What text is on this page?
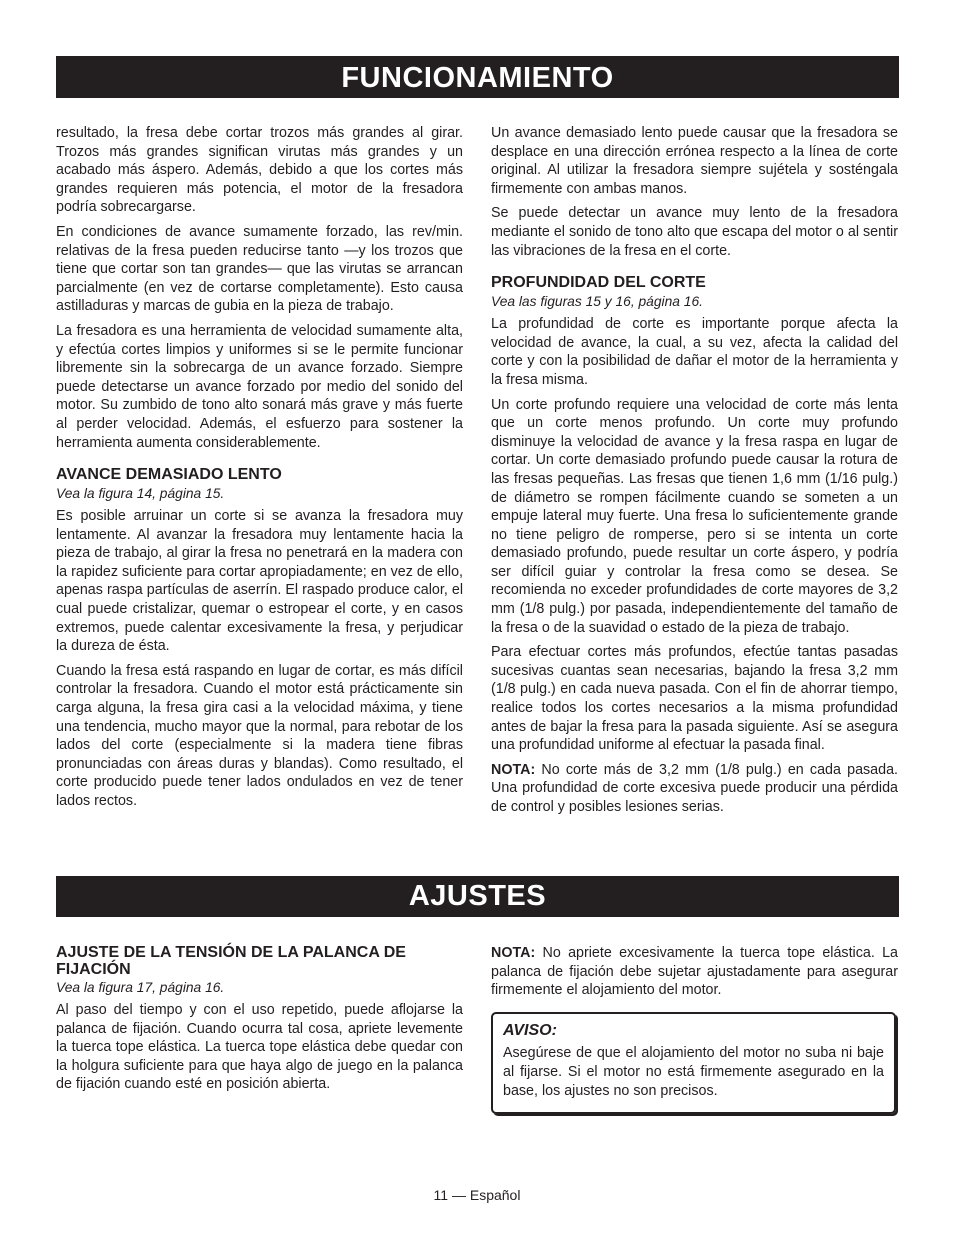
FUNCIONAMIENTO

resultado, la fresa debe cortar trozos más grandes al girar. Trozos más grandes significan virutas más grandes y un acabado más áspero. Además, debido a que los cortes más grandes requieren más potencia, el motor de la fresadora podría sobrecargarse.

En condiciones de avance sumamente forzado, las rev/min. relativas de la fresa pueden reducirse tanto —y los trozos que tiene que cortar son tan grandes— que las virutas se arrancan parcialmente (en vez de cortarse completamente). Esto causa astilladuras y marcas de gubia en la pieza de trabajo.

La fresadora es una herramienta de velocidad sumamente alta, y efectúa cortes limpios y uniformes si se le permite funcionar libremente sin la sobrecarga de un avance forzado. Siempre puede detectarse un avance forzado por medio del sonido del motor. Su zumbido de tono alto sonará más grave y más fuerte al perder velocidad. Además, el esfuerzo para sostener la herramienta aumenta considerablemente.

AVANCE DEMASIADO LENTO
Vea la figura 14, página 15.

Es posible arruinar un corte si se avanza la fresadora muy lentamente. Al avanzar la fresadora muy lentamente hacia la pieza de trabajo, al girar la fresa no penetrará en la madera con la rapidez suficiente para cortar apropiadamente; en vez de ello, apenas raspa partículas de aserrín. El raspado produce calor, el cual puede cristalizar, quemar o estropear el corte, y en casos extremos, puede calentar excesivamente la fresa, y perjudicar la dureza de ésta.

Cuando la fresa está raspando en lugar de cortar, es más difícil controlar la fresadora. Cuando el motor está prácticamente sin carga alguna, la fresa gira casi a la velocidad máxima, y tiene una tendencia, mucho mayor que la normal, para rebotar de los lados del corte (especialmente si la madera tiene fibras pronunciadas con áreas duras y blandas). Como resultado, el corte producido puede tener lados ondulados en vez de tener lados rectos.

Un avance demasiado lento puede causar que la fresadora se desplace en una dirección errónea respecto a la línea de corte original. Al utilizar la fresadora siempre sujétela y sosténgala firmemente con ambas manos.

Se puede detectar un avance muy lento de la fresadora mediante el sonido de tono alto que escapa del motor o al sentir las vibraciones de la fresa en el corte.

PROFUNDIDAD DEL CORTE
Vea las figuras 15 y 16, página 16.

La profundidad de corte es importante porque afecta la velocidad de avance, la cual, a su vez, afecta la calidad del corte y con la posibilidad de dañar el motor de la herramienta y la fresa misma.

Un corte profundo requiere una velocidad de corte más lenta que un corte menos profundo. Un corte muy profundo disminuye la velocidad de avance y la fresa raspa en lugar de cortar. Un corte demasiado profundo puede causar la rotura de las fresas pequeñas. Las fresas que tienen 1,6 mm (1/16 pulg.) de diámetro se rompen fácilmente cuando se someten a un empuje lateral muy fuerte. Una fresa lo suficientemente grande no tiene peligro de romperse, pero si se intenta un corte demasiado profundo, puede resultar un corte áspero, y podría ser difícil guiar y controlar la fresa como se desea. Se recomienda no exceder profundidades de corte mayores de 3,2 mm (1/8 pulg.) por pasada, independientemente del tamaño de la fresa o de la suavidad o estado de la pieza de trabajo.

Para efectuar cortes más profundos, efectúe tantas pasadas sucesivas cuantas sean necesarias, bajando la fresa 3,2 mm (1/8 pulg.) en cada nueva pasada. Con el fin de ahorrar tiempo, realice todos los cortes necesarios a la misma profundidad antes de bajar la fresa para la pasada siguiente. Así se asegura una profundidad uniforme al efectuar la pasada final.

NOTA: No corte más de 3,2 mm (1/8 pulg.) en cada pasada. Una profundidad de corte excesiva puede producir una pérdida de control y posibles lesiones serias.

AJUSTES
AJUSTE DE LA TENSIÓN DE LA PALANCA DE FIJACIÓN
Vea la figura 17, página 16.

Al paso del tiempo y con el uso repetido, puede aflojarse la palanca de fijación. Cuando ocurra tal cosa, apriete levemente la tuerca tope elástica. La tuerca tope elástica debe quedar con la holgura suficiente para que haya algo de juego en la palanca de fijación cuando esté en posición abierta.

NOTA: No apriete excesivamente la tuerca tope elástica. La palanca de fijación debe sujetar ajustadamente para asegurar firmemente el alojamiento del motor.

AVISO:

Asegúrese de que el alojamiento del motor no suba ni baje al fijarse. Si el motor no está firmemente asegurado en la base, los ajustes no son precisos.

11 — Español
